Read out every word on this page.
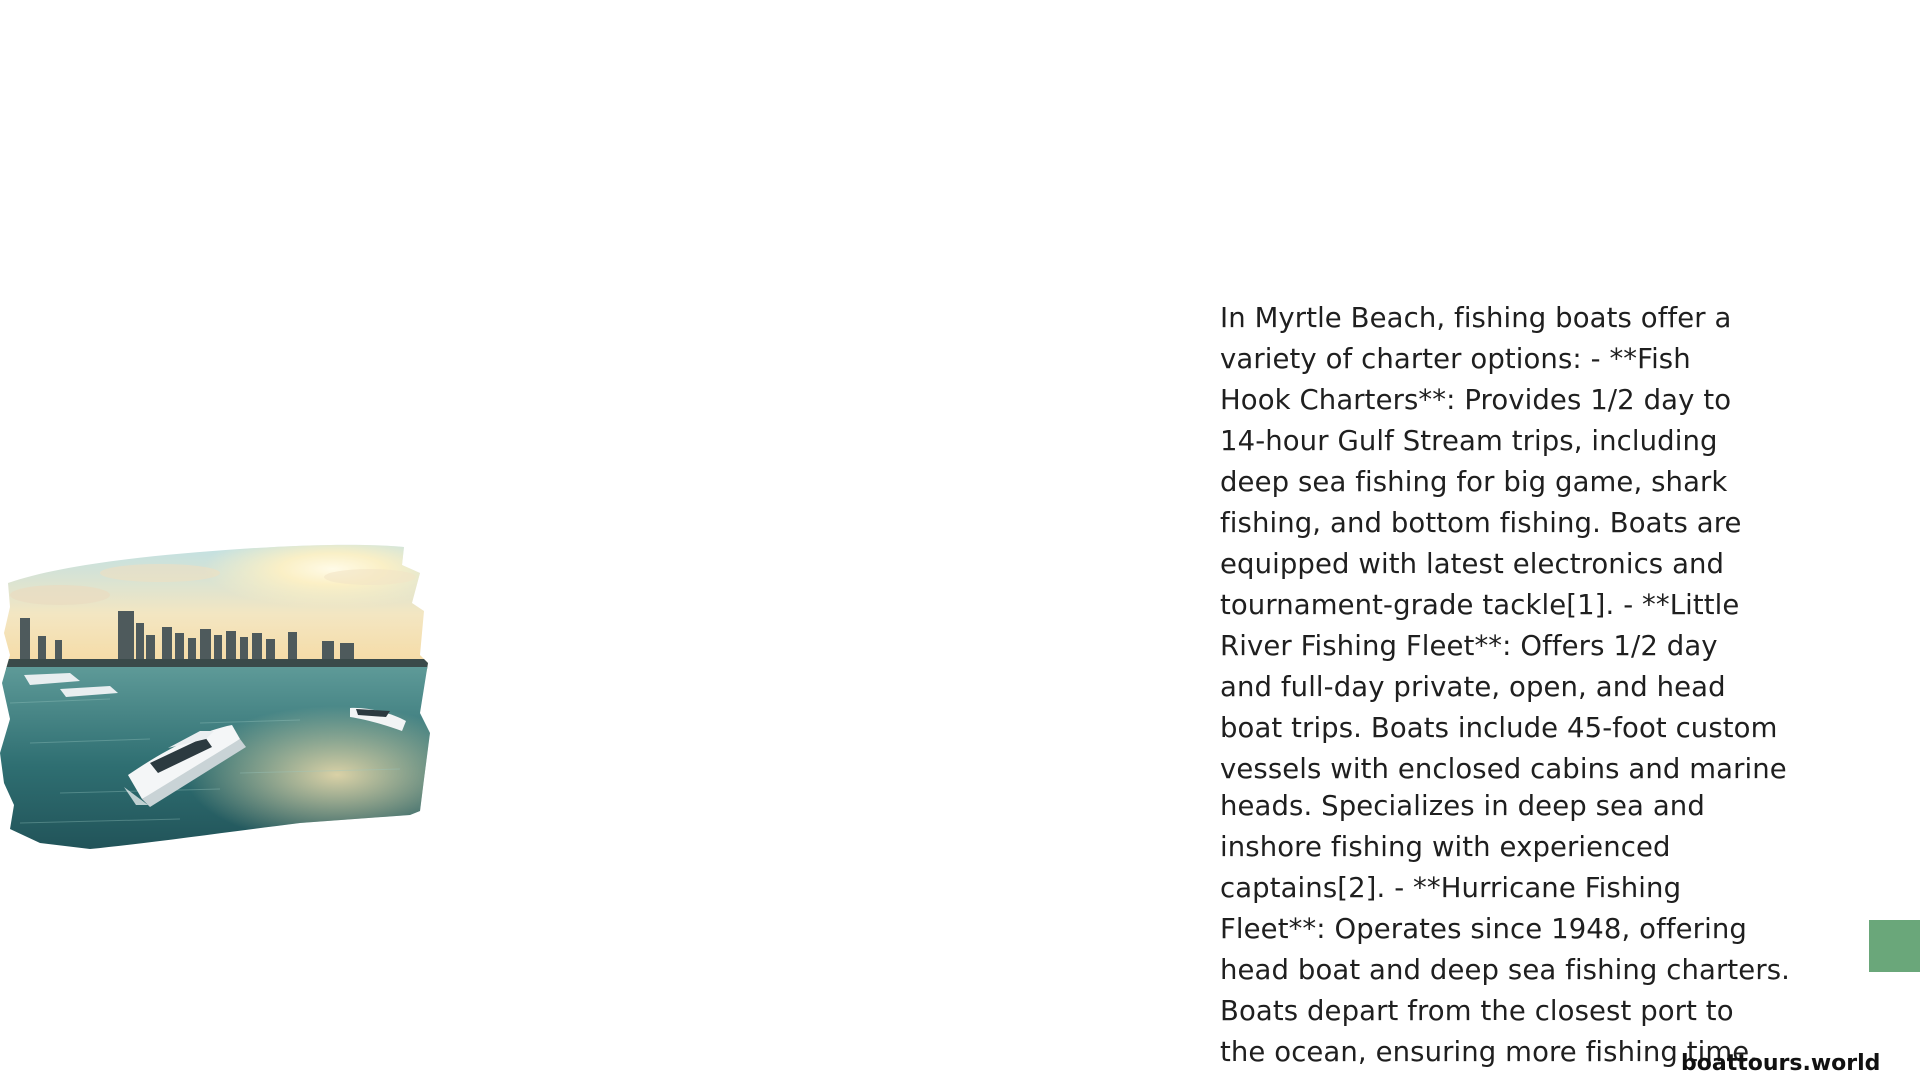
In Myrtle Beach, fishing boats offer a
variety of charter options: - **Fish
Hook Charters**: Provides 1/2 day to
14-hour Gulf Stream trips, including
deep sea fishing for big game, shark
fishing, and bottom fishing. Boats are
equipped with latest electronics and
tournament-grade tackle[1]. - **Little
River Fishing Fleet**: Offers 1/2 day
and full-day private, open, and head
boat trips. Boats include 45-foot custom
vessels with enclosed cabins and marine
heads. Specializes in deep sea and
inshore fishing with experienced
captains[2]. - **Hurricane Fishing
Fleet**: Operates since 1948, offering
head boat and deep sea fishing charters.
Boats depart from the closest port to
the ocean, ensuring more fishing time.
boattours.world
